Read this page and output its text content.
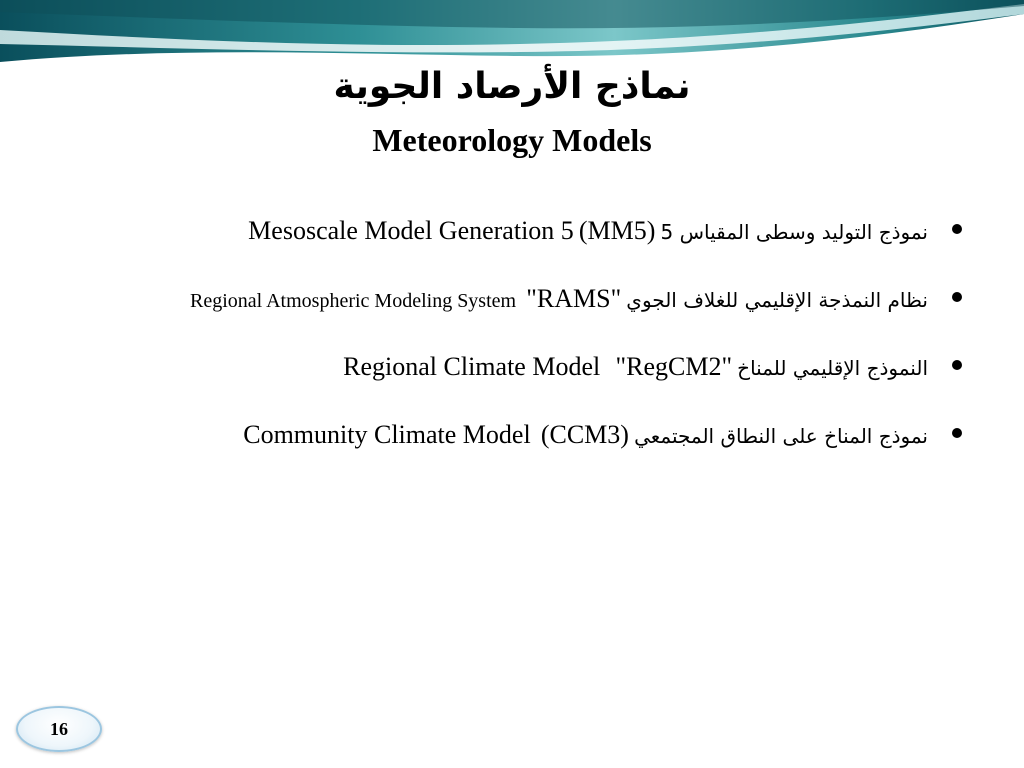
نماذج الأرصاد الجوية
Meteorology Models
Mesoscale Model Generation 5 (MM5) نموذج التوليد وسطى المقياس 5
Regional Atmospheric Modeling System "RAMS" نظام النمذجة الإقليمي للغلاف الجوي
Regional Climate Model "RegCM2" النموذج الإقليمي للمناخ
Community Climate Model (CCM3) نموذج المناخ على النطاق المجتمعي
16
